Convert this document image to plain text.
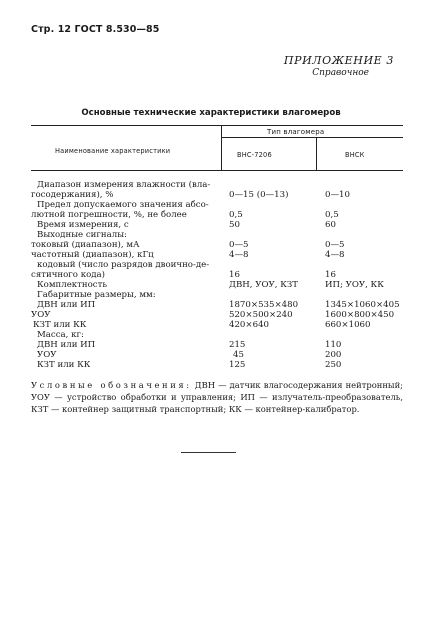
Стр. 12 ГОСТ 8.530—85
ПРИЛОЖЕНИЕ 3
Справочное
Основные технические характеристики влагомеров
Наименование характеристики
Тип влагомера
ВНС-7206	ВНСК
Диапазон измерения влажности (вла-
госодержания), %	0—15 (0—13)	0—10
Предел допускаемого значения абсо-
лютной погрешности, %, не более	0,5	0,5
Время измерения, с	50	60
Выходные сигналы:
токовый (диапазон), мА	0—5	0—5
частотный (диапазон), кГц	4—8	4—8
кодовый (число разрядов двоично-де-
сятичного кода)	16	16
Комплектность	ДВН, УОУ, КЗТ	ИП; УОУ, КК
Габаритные размеры, мм:
ДВН или ИП	1870×535×480	1345×1060×405
УОУ	520×500×240	1600×800×450
КЗТ или КК	420×640	660×1060
Масса, кг:
ДВН или ИП	215	110
УОУ	45	200
КЗТ или КК	125	250
Условные обозначения: ДВН — датчик влагосодержания нейтронный; УОУ — устройство обработки и управления; ИП — излучатель-преобразователь, КЗТ — контейнер защитный транспортный; КК — контейнер-калибратор.
